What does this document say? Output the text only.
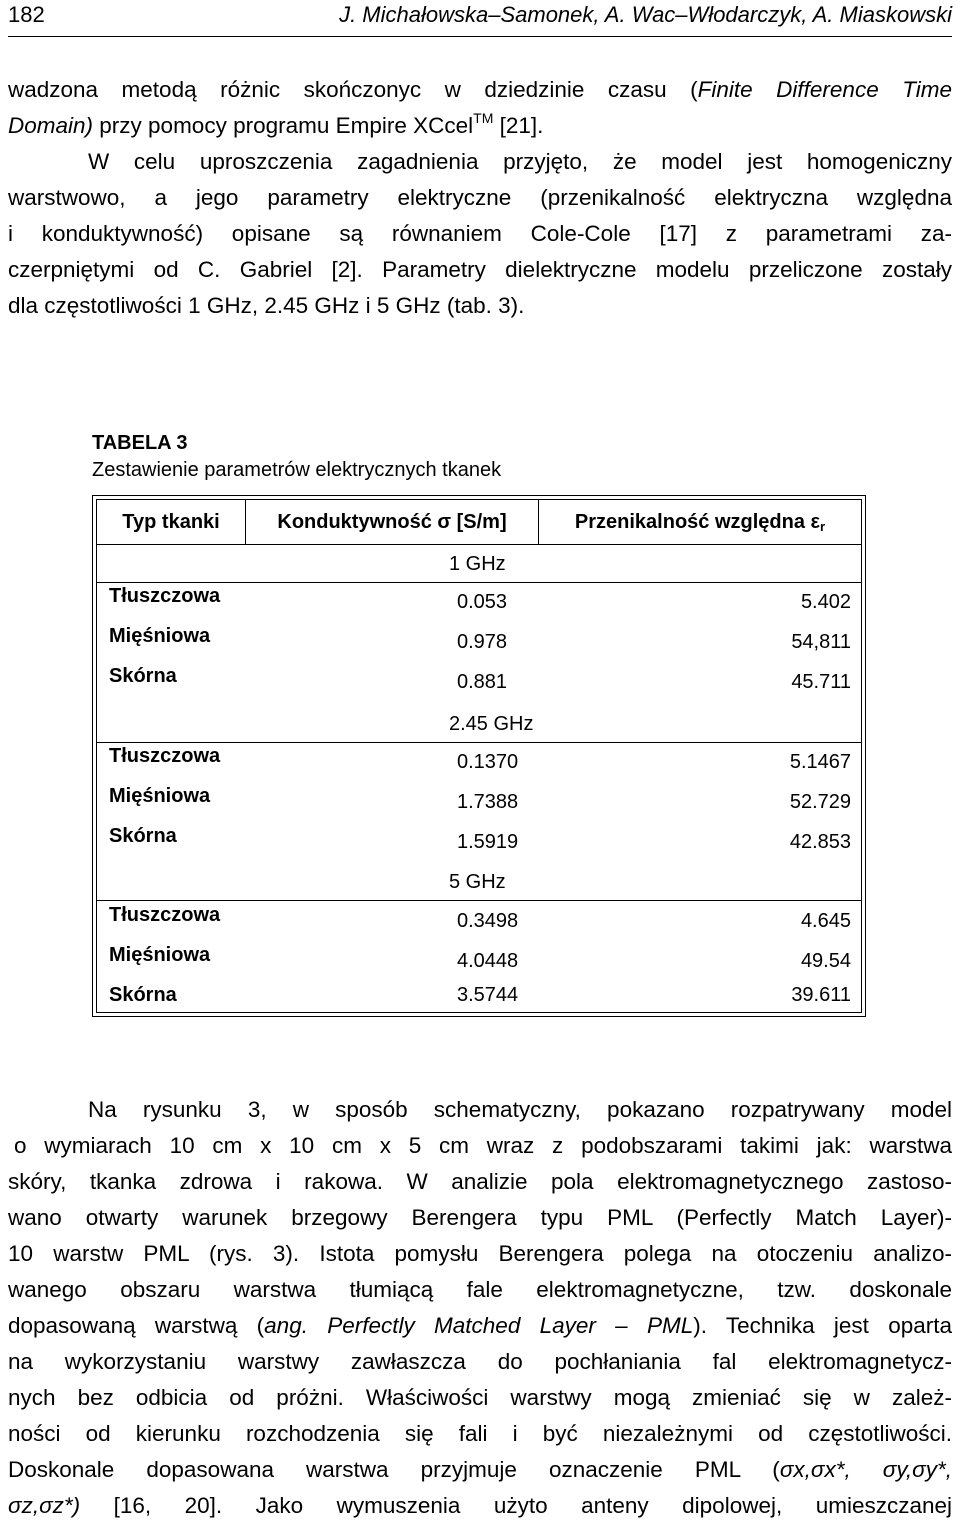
182	J. Michałowska–Samonek, A. Wac–Włodarczyk, A. Miaskowski
wadzona metodą różnic skończonyc w dziedzinie czasu (Finite Difference Time
Domain) przy pomocy programu Empire XCcel™ [21].
W celu uproszczenia zagadnienia przyjęto, że model jest homogeniczny
warstwowo, a jego parametry elektryczne (przenikalność elektryczna względna
i konduktywność) opisane są równaniem Cole-Cole [17] z parametrami za-
czerpniętymi od C. Gabriel [2]. Parametry dielektryczne modelu przeliczone zostały
dla częstotliwości 1 GHz, 2.45 GHz i 5 GHz (tab. 3).
TABELA 3
Zestawienie parametrów elektrycznych tkanek
Typ tkanki	Konduktywność σ [S/m]	Przenikalność względna $\varepsilon_r$
1 GHz
Tłuszczowa	0.053	5.402
Mięśniowa	0.978	54,811
Skórna	0.881	45.711
2.45 GHz
Tłuszczowa	0.1370	5.1467
Mięśniowa	1.7388	52.729
Skórna	1.5919	42.853
5 GHz
Tłuszczowa	0.3498	4.645
Mięśniowa	4.0448	49.54
Skórna	3.5744	39.611
Na rysunku 3, w sposób schematyczny, pokazano rozpatrywany model
o wymiarach 10 cm x 10 cm x 5 cm wraz z podobszarami takimi jak: warstwa
skóry, tkanka zdrowa i rakowa. W analizie pola elektromagnetycznego zastoso-
wano otwarty warunek brzegowy Berengera typu PML (Perfectly Match Layer)-
10 warstw PML (rys. 3). Istota pomysłu Berengera polega na otoczeniu analizo-
wanego obszaru warstwa tłumiącą fale elektromagnetyczne, tzw. doskonale
dopasowaną warstwą (ang. Perfectly Matched Layer – PML). Technika jest oparta
na wykorzystaniu warstwy zawłaszcza do pochłaniania fal elektromagnetycz-
nych bez odbicia od próżni. Właściwości warstwy mogą zmieniać się w zależ-
ności od kierunku rozchodzenia się fali i być niezależnymi od częstotliwości.
Doskonale dopasowana warstwa przyjmuje oznaczenie PML (σx,σx*, σy,σy*,
σz,σz*) [16, 20]. Jako wymuszenia użyto anteny dipolowej, umieszczanej
